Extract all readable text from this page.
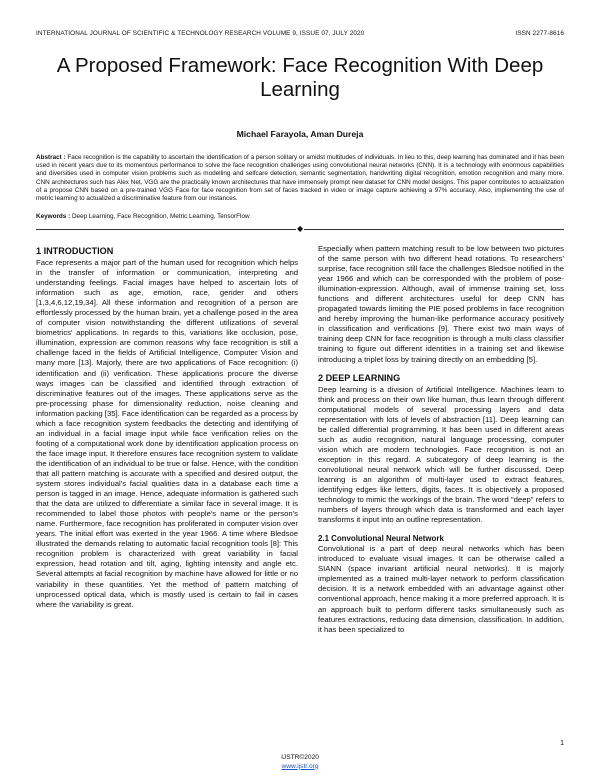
INTERNATIONAL JOURNAL OF SCIENTIFIC & TECHNOLOGY RESEARCH VOLUME 9, ISSUE 07, JULY 2020	ISSN 2277-8616
A Proposed Framework: Face Recognition With Deep Learning
Michael Farayola, Aman Dureja
Abstract : Face recognition is the capability to ascertain the identification of a person solitary or amidst multitudes of individuals. In lieu to this, deep learning has dominated and it has been used in recent years due to its momentous performance to solve the face recognition challenges using convolutional neural networks (CNN). It is a technology with enormous capabilities and diversities used in computer vision problems such as modelling and selfcare detection, semantic segmentation, handwriting digital recognition, emotion recognition and many more. CNN architectures such has Alex Net, VGG are the practically known architectures that have immensely prompt new dataset for CNN model designs. This paper contributes to actualization of a propose CNN based on a pre-trained VGG Face for face recognition from set of faces tracked in video or image capture achieving a 97% accuracy. Also, implementing the use of metric learning to actualized a discriminative feature from our instances.
Keywords : Deep Learning, Face Recognition, Metric Learning, TensorFlow
◆
1 INTRODUCTION

Face represents a major part of the human used for recognition which helps in the transfer of information or communication, interpreting and understanding feelings. Facial images have helped to ascertain lots of information such as age, emotion, race, gender and others [1,3,4,6,12,19,34]. All these information and recognition of a person are effortlessly processed by the human brain, yet a challenge posed in the area of computer vision notwithstanding the different utilizations of several biometrics' applications. In regards to this, variations like occlusion, pose, illumination, expression are common reasons why face recognition is still a challenge faced in the fields of Artificial Intelligence, Computer Vision and many more [13]. Majorly, there are two applications of Face recognition: (i) identification and (ii) verification. These applications procure the diverse ways images can be classified and identified through extraction of discriminative features out of the images. These applications serve as the pre-processing phase for dimensionality reduction, noise cleaning and information packing [35]. Face identification can be regarded as a process by which a face recognition system feedbacks the detecting and identifying of an individual in a facial image input while face verification relies on the footing of a computational work done by identification application process on the face image input. It therefore ensures face recognition system to validate the identification of an individual to be true or false. Hence, with the condition that all pattern matching is accurate with a specified and desired output, the system stores individual's facial qualities data in a database each time a person is tagged in an image. Hence, adequate information is gathered such that the data are utilized to differentiate a similar face in several image. It is recommended to label those photos with people's name or the person's name. Furthermore, face recognition has proliferated in computer vision over years. The initial effort was exerted in the year 1966. A time where Bledsoe illustrated the demands relating to automatic facial recognition tools [8]: This recognition problem is characterized with great variability in facial expression, head rotation and tilt, aging, lighting intensity and angle etc. Several attempts at facial recognition by machine have allowed for little or no variability in these quantities. Yet the method of pattern matching of unprocessed optical data, which is mostly used is certain to fail in cases where the variability is great.

Especially when pattern matching result to be low between two pictures of the same person with two different head rotations. To researchers' surprise, face recognition still face the challenges Bledsoe notified in the year 1966 and which can be corresponded with the problem of pose-illumination-expression. Although, avail of immense training set, loss functions and different architectures useful for deep CNN has propagated towards limiting the PIE posed problems in face recognition and hereby improving the human-like performance accuracy positively in classification and verifications [9]. There exist two main ways of training deep CNN for face recognition is through a multi class classifier training to figure out different identities in a training set and likewise introducing a triplet loss by training directly on an embedding [5].

2 DEEP LEARNING

Deep learning is a division of Artificial Intelligence. Machines learn to think and process on their own like human, thus learn through different computational models of several processing layers and data representation with lots of levels of abstraction [11]. Deep learning can be called differential programming. It has been used in different areas such as audio recognition, natural language processing, computer vision which are modern technologies. Face recognition is not an exception in this regard. A subcategory of deep learning is the convolutional neural network which will be further discussed. Deep learning is an algorithm of multi-layer used to extract features, identifying edges like letters, digits, faces. It is objectively a proposed technology to mimic the workings of the brain. The word "deep" refers to numbers of layers through which data is transformed and each layer transforms it input into an outline representation.

2.1 Convolutional Neural Network

Convolutional is a part of deep neural networks which has been introduced to evaluate visual images. It can be otherwise called a SIANN (space invariant artificial neural networks). It is majorly implemented as a trained multi-layer network to perform classification decision. It is a network embedded with an advantage against other conventional approach, hence making it a more preferred approach. It is an approach built to perform different tasks simultaneously such as features extractions, reducing data dimension, classification. In addition, it has been specialized to

1
IJSTR©2020
www.ijstr.org
